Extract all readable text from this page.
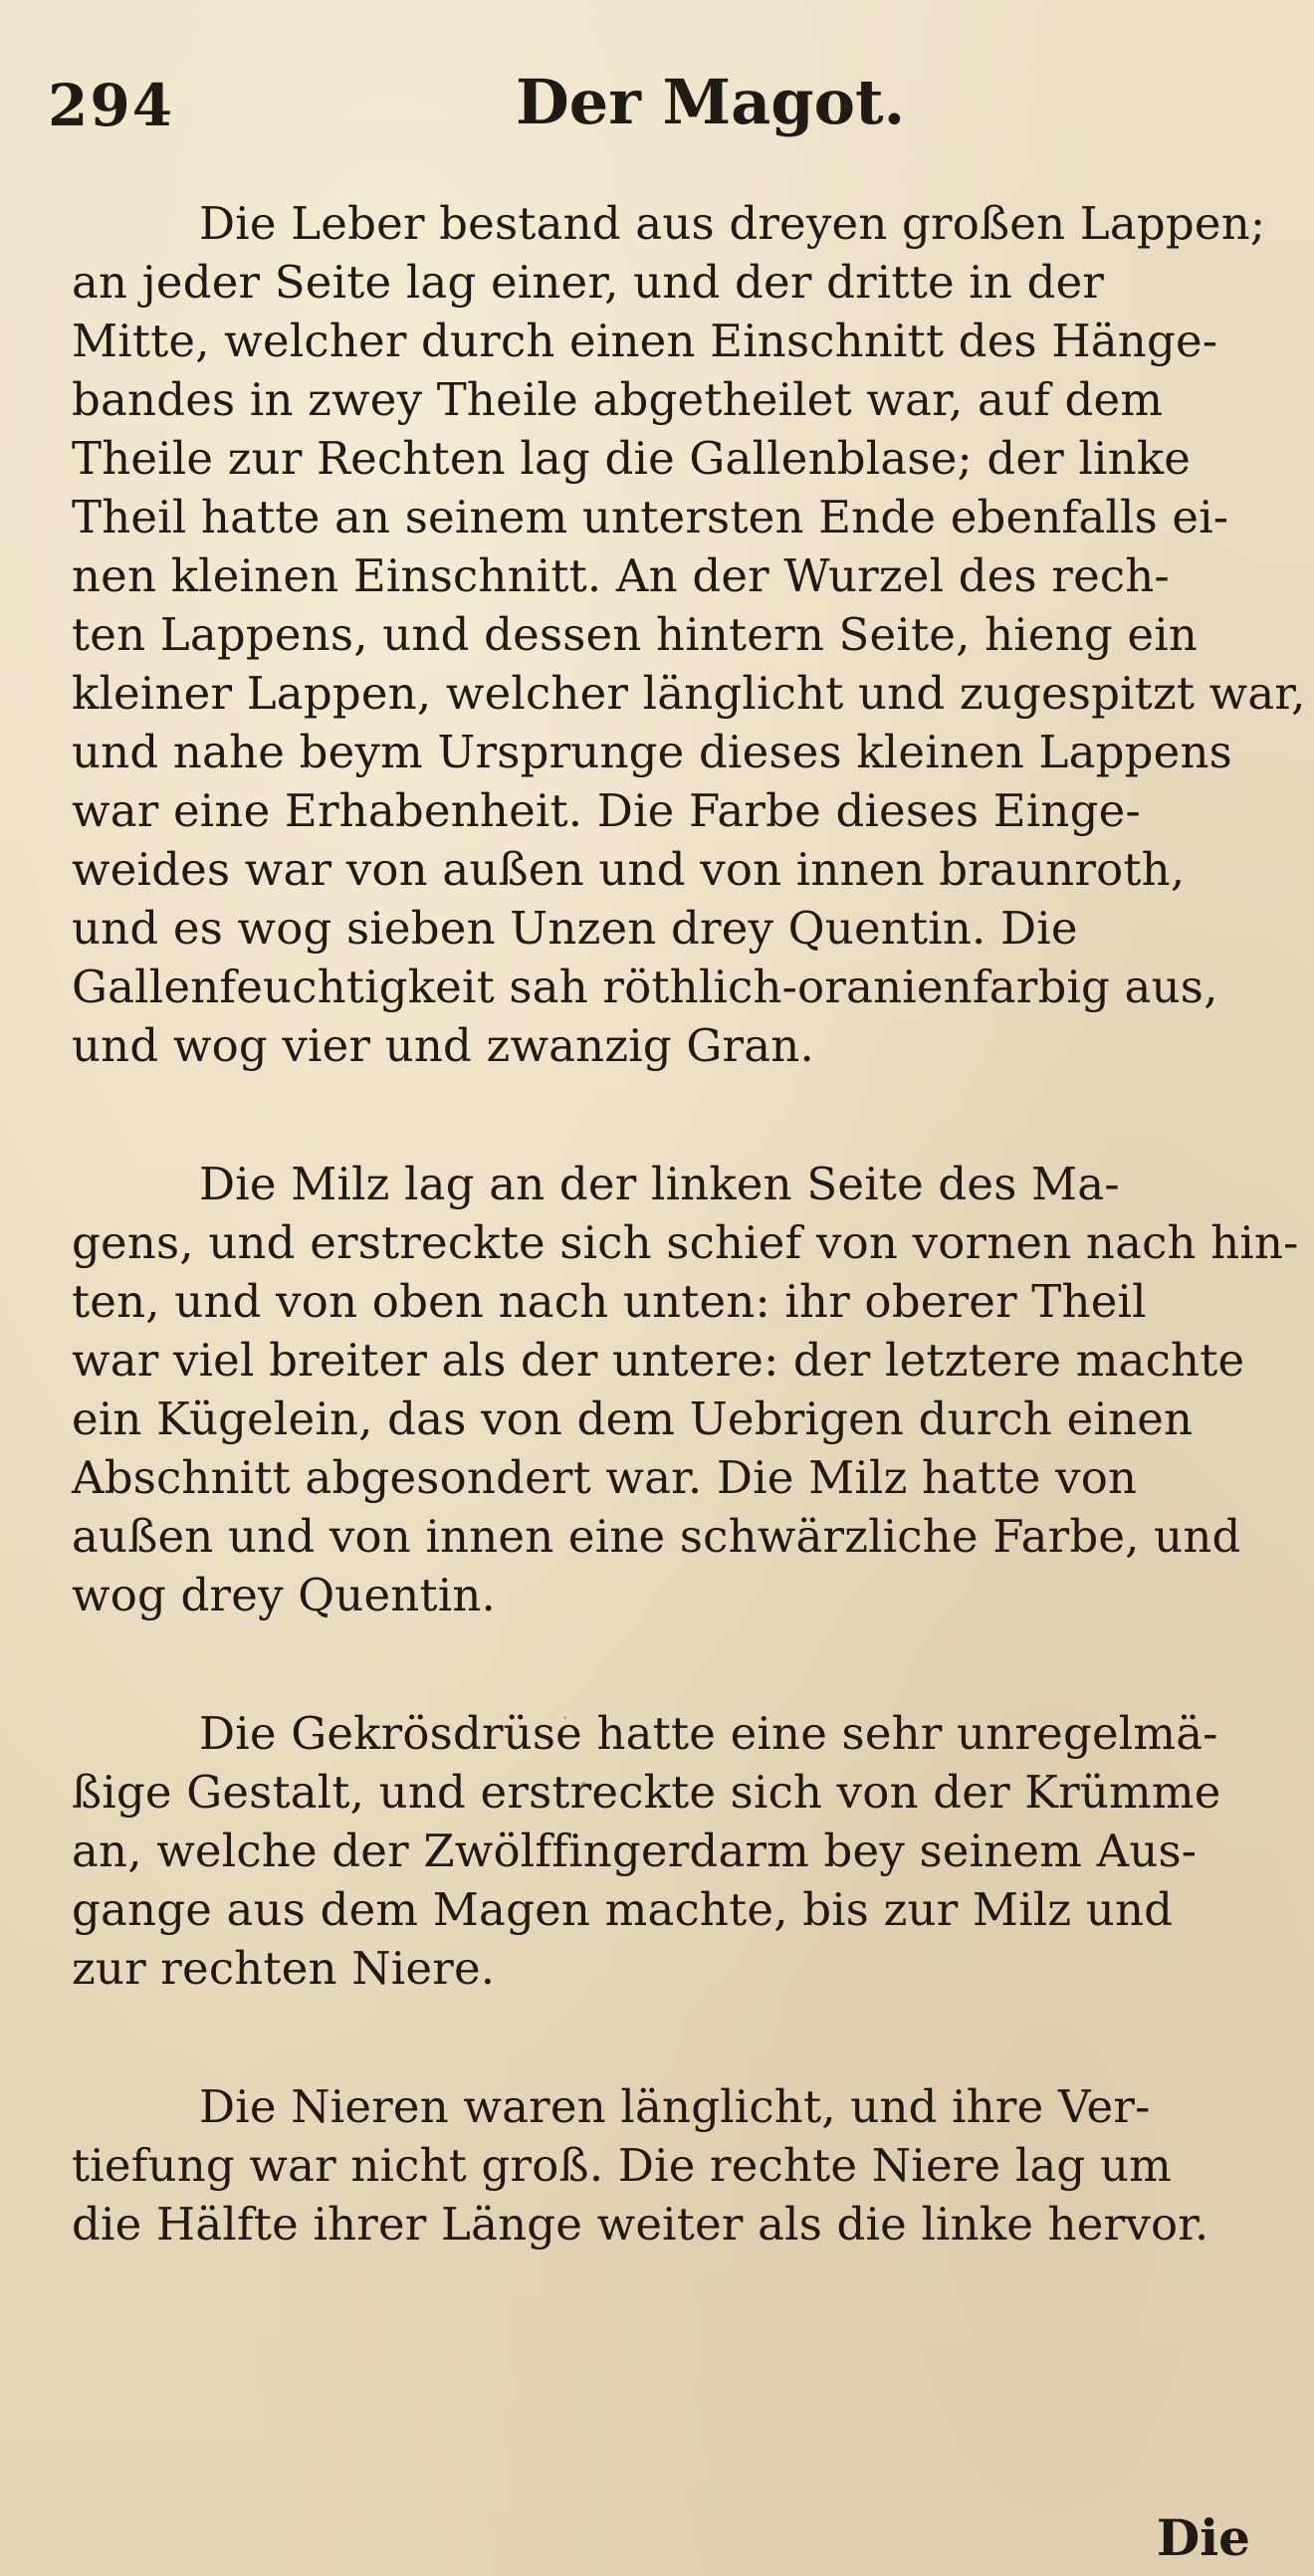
294	Der Magot.

Die Leber bestand aus dreyen großen Lappen;
an jeder Seite lag einer, und der dritte in der
Mitte, welcher durch einen Einschnitt des Hänge-
bandes in zwey Theile abgetheilet war, auf dem
Theile zur Rechten lag die Gallenblase; der linke
Theil hatte an seinem untersten Ende ebenfalls ei-
nen kleinen Einschnitt. An der Wurzel des rech-
ten Lappens, und dessen hintern Seite, hieng ein
kleiner Lappen, welcher länglicht und zugespitzt war,
und nahe beym Ursprunge dieses kleinen Lappens
war eine Erhabenheit. Die Farbe dieses Einge-
weides war von außen und von innen braunroth,
und es wog sieben Unzen drey Quentin. Die
Gallenfeuchtigkeit sah röthlich-oranienfarbig aus,
und wog vier und zwanzig Gran.

Die Milz lag an der linken Seite des Ma-
gens, und erstreckte sich schief von vornen nach hin-
ten, und von oben nach unten: ihr oberer Theil
war viel breiter als der untere: der letztere machte
ein Kügelein, das von dem Uebrigen durch einen
Abschnitt abgesondert war. Die Milz hatte von
außen und von innen eine schwärzliche Farbe, und
wog drey Quentin.

Die Gekrösdrüse hatte eine sehr unregelmä-
ßige Gestalt, und erstreckte sich von der Krümme
an, welche der Zwölffingerdarm bey seinem Aus-
gange aus dem Magen machte, bis zur Milz und
zur rechten Niere.

Die Nieren waren länglicht, und ihre Ver-
tiefung war nicht groß. Die rechte Niere lag um
die Hälfte ihrer Länge weiter als die linke hervor.

Die
